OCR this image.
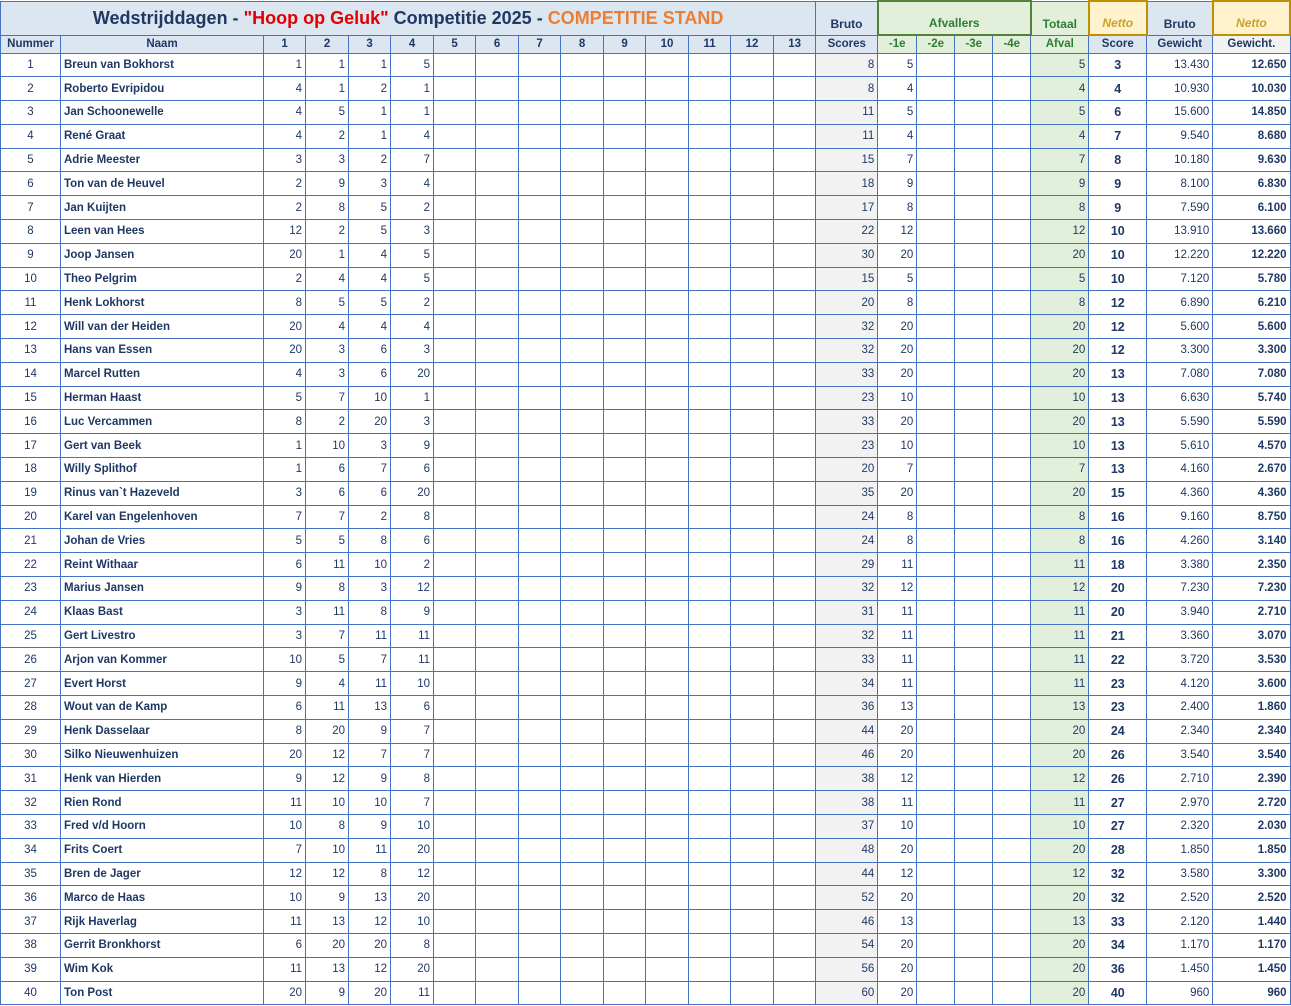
Wedstrijddagen - "Hoop op Geluk" Competitie 2025 - COMPETITIE STAND															Bruto	Afvallers				Totaal	Netto	Bruto	Netto
Nummer	Naam	1	2	3	4	5	6	7	8	9	10	11	12	13	Scores	-1e	-2e	-3e	-4e	Afval	Score	Gewicht	Gewicht.
1	Breun van Bokhorst	1	1	1	5										8	5				5	3	13.430	12.650
2	Roberto Evripidou	4	1	2	1										8	4				4	4	10.930	10.030
3	Jan Schoonewelle	4	5	1	1										11	5				5	6	15.600	14.850
4	René Graat	4	2	1	4										11	4				4	7	9.540	8.680
5	Adrie Meester	3	3	2	7										15	7				7	8	10.180	9.630
6	Ton van de Heuvel	2	9	3	4										18	9				9	9	8.100	6.830
7	Jan Kuijten	2	8	5	2										17	8				8	9	7.590	6.100
8	Leen van Hees	12	2	5	3										22	12				12	10	13.910	13.660
9	Joop Jansen	20	1	4	5										30	20				20	10	12.220	12.220
10	Theo Pelgrim	2	4	4	5										15	5				5	10	7.120	5.780
11	Henk Lokhorst	8	5	5	2										20	8				8	12	6.890	6.210
12	Will van der Heiden	20	4	4	4										32	20				20	12	5.600	5.600
13	Hans van Essen	20	3	6	3										32	20				20	12	3.300	3.300
14	Marcel Rutten	4	3	6	20										33	20				20	13	7.080	7.080
15	Herman Haast	5	7	10	1										23	10				10	13	6.630	5.740
16	Luc Vercammen	8	2	20	3										33	20				20	13	5.590	5.590
17	Gert van Beek	1	10	3	9										23	10				10	13	5.610	4.570
18	Willy Splithof	1	6	7	6										20	7				7	13	4.160	2.670
19	Rinus van`t Hazeveld	3	6	6	20										35	20				20	15	4.360	4.360
20	Karel van Engelenhoven	7	7	2	8										24	8				8	16	9.160	8.750
21	Johan de Vries	5	5	8	6										24	8				8	16	4.260	3.140
22	Reint Withaar	6	11	10	2										29	11				11	18	3.380	2.350
23	Marius Jansen	9	8	3	12										32	12				12	20	7.230	7.230
24	Klaas Bast	3	11	8	9										31	11				11	20	3.940	2.710
25	Gert Livestro	3	7	11	11										32	11				11	21	3.360	3.070
26	Arjon van Kommer	10	5	7	11										33	11				11	22	3.720	3.530
27	Evert Horst	9	4	11	10										34	11				11	23	4.120	3.600
28	Wout van de Kamp	6	11	13	6										36	13				13	23	2.400	1.860
29	Henk Dasselaar	8	20	9	7										44	20				20	24	2.340	2.340
30	Silko Nieuwenhuizen	20	12	7	7										46	20				20	26	3.540	3.540
31	Henk van Hierden	9	12	9	8										38	12				12	26	2.710	2.390
32	Rien Rond	11	10	10	7										38	11				11	27	2.970	2.720
33	Fred v/d Hoorn	10	8	9	10										37	10				10	27	2.320	2.030
34	Frits Coert	7	10	11	20										48	20				20	28	1.850	1.850
35	Bren de Jager	12	12	8	12										44	12				12	32	3.580	3.300
36	Marco de Haas	10	9	13	20										52	20				20	32	2.520	2.520
37	Rijk Haverlag	11	13	12	10										46	13				13	33	2.120	1.440
38	Gerrit Bronkhorst	6	20	20	8										54	20				20	34	1.170	1.170
39	Wim Kok	11	13	12	20										56	20				20	36	1.450	1.450
40	Ton Post	20	9	20	11										60	20				20	40	960	960
